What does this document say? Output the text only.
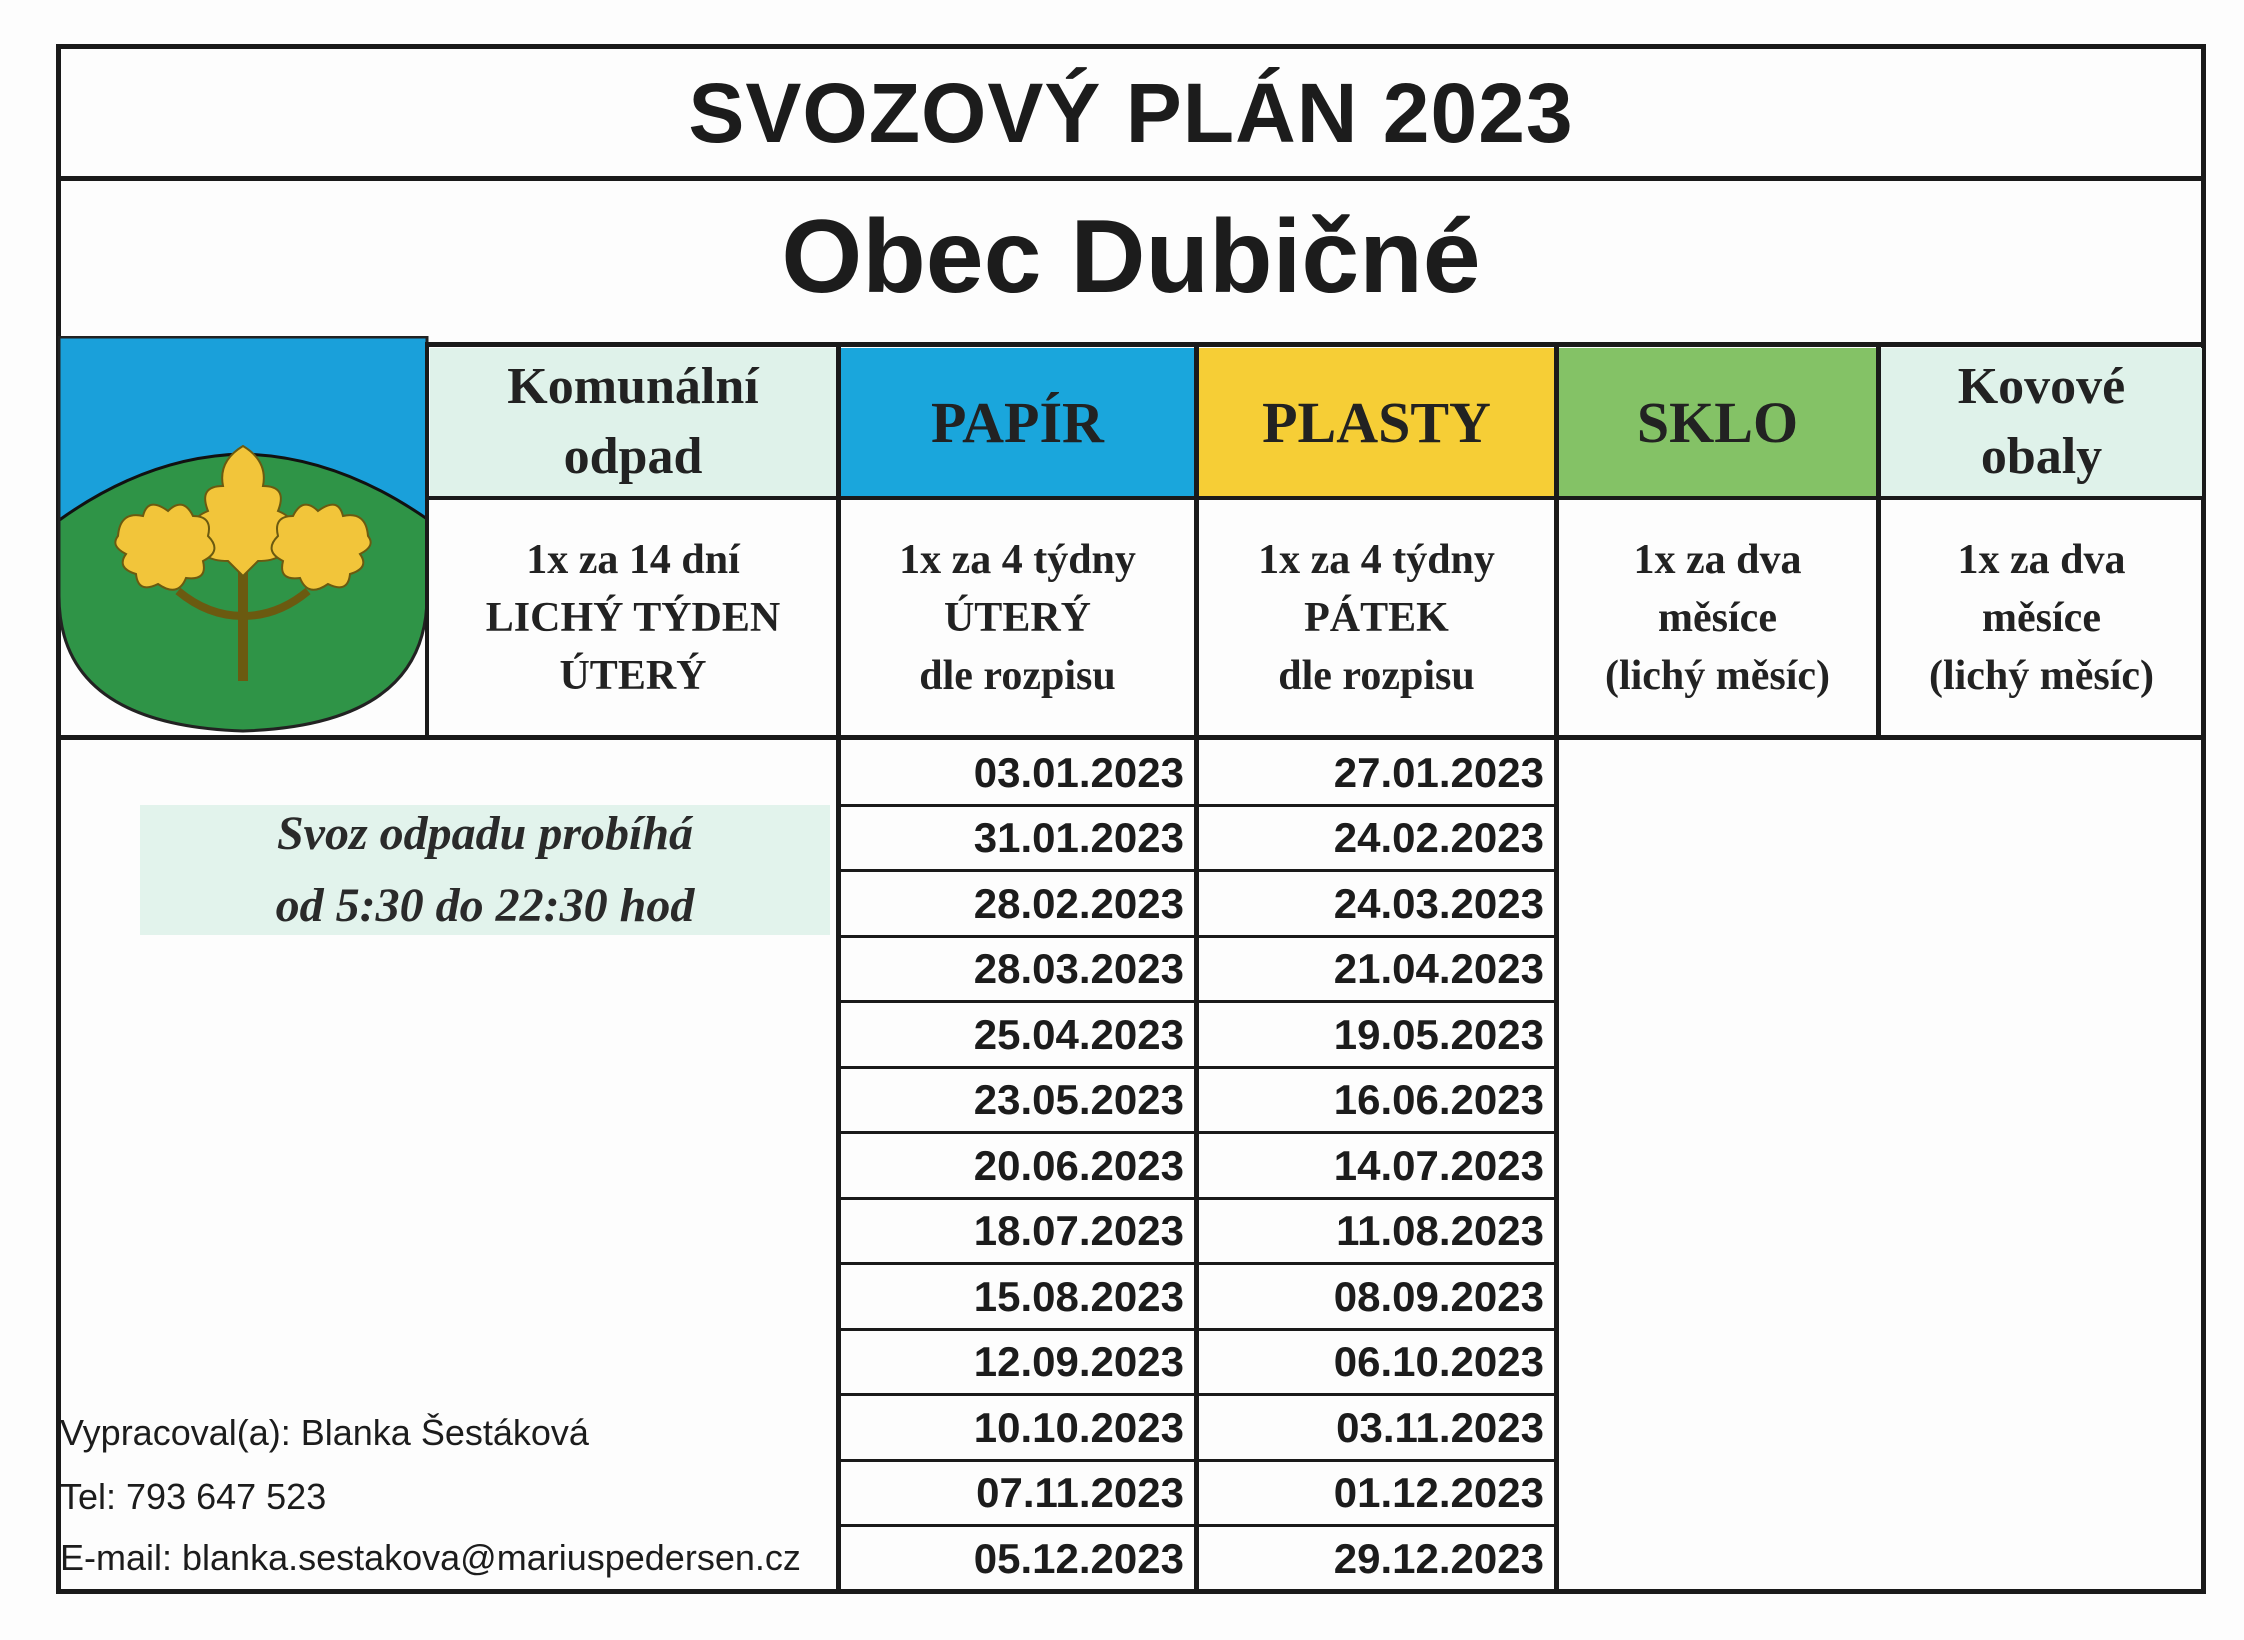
SVOZOVÝ PLÁN 2023
Obec Dubičné
Komunální
odpad
PAPÍR	PLASTY	SKLO
Kovové
obaly
1x za 14 dní
LICHÝ TÝDEN
ÚTERÝ
1x za 4 týdny
ÚTERÝ
dle rozpisu
1x za 4 týdny
PÁTEK
dle rozpisu
1x za dva
měsíce
(lichý měsíc)
1x za dva
měsíce
(lichý měsíc)
Svoz odpadu probíhá
od 5:30 do 22:30 hod
03.01.2023
31.01.2023
28.02.2023
28.03.2023
25.04.2023
23.05.2023
20.06.2023
18.07.2023
15.08.2023
12.09.2023
10.10.2023
07.11.2023
05.12.2023
27.01.2023
24.02.2023
24.03.2023
21.04.2023
19.05.2023
16.06.2023
14.07.2023
11.08.2023
08.09.2023
06.10.2023
03.11.2023
01.12.2023
29.12.2023
Vypracoval(a): Blanka Šestáková
Tel: 793 647 523
E-mail: blanka.sestakova@mariuspedersen.cz
